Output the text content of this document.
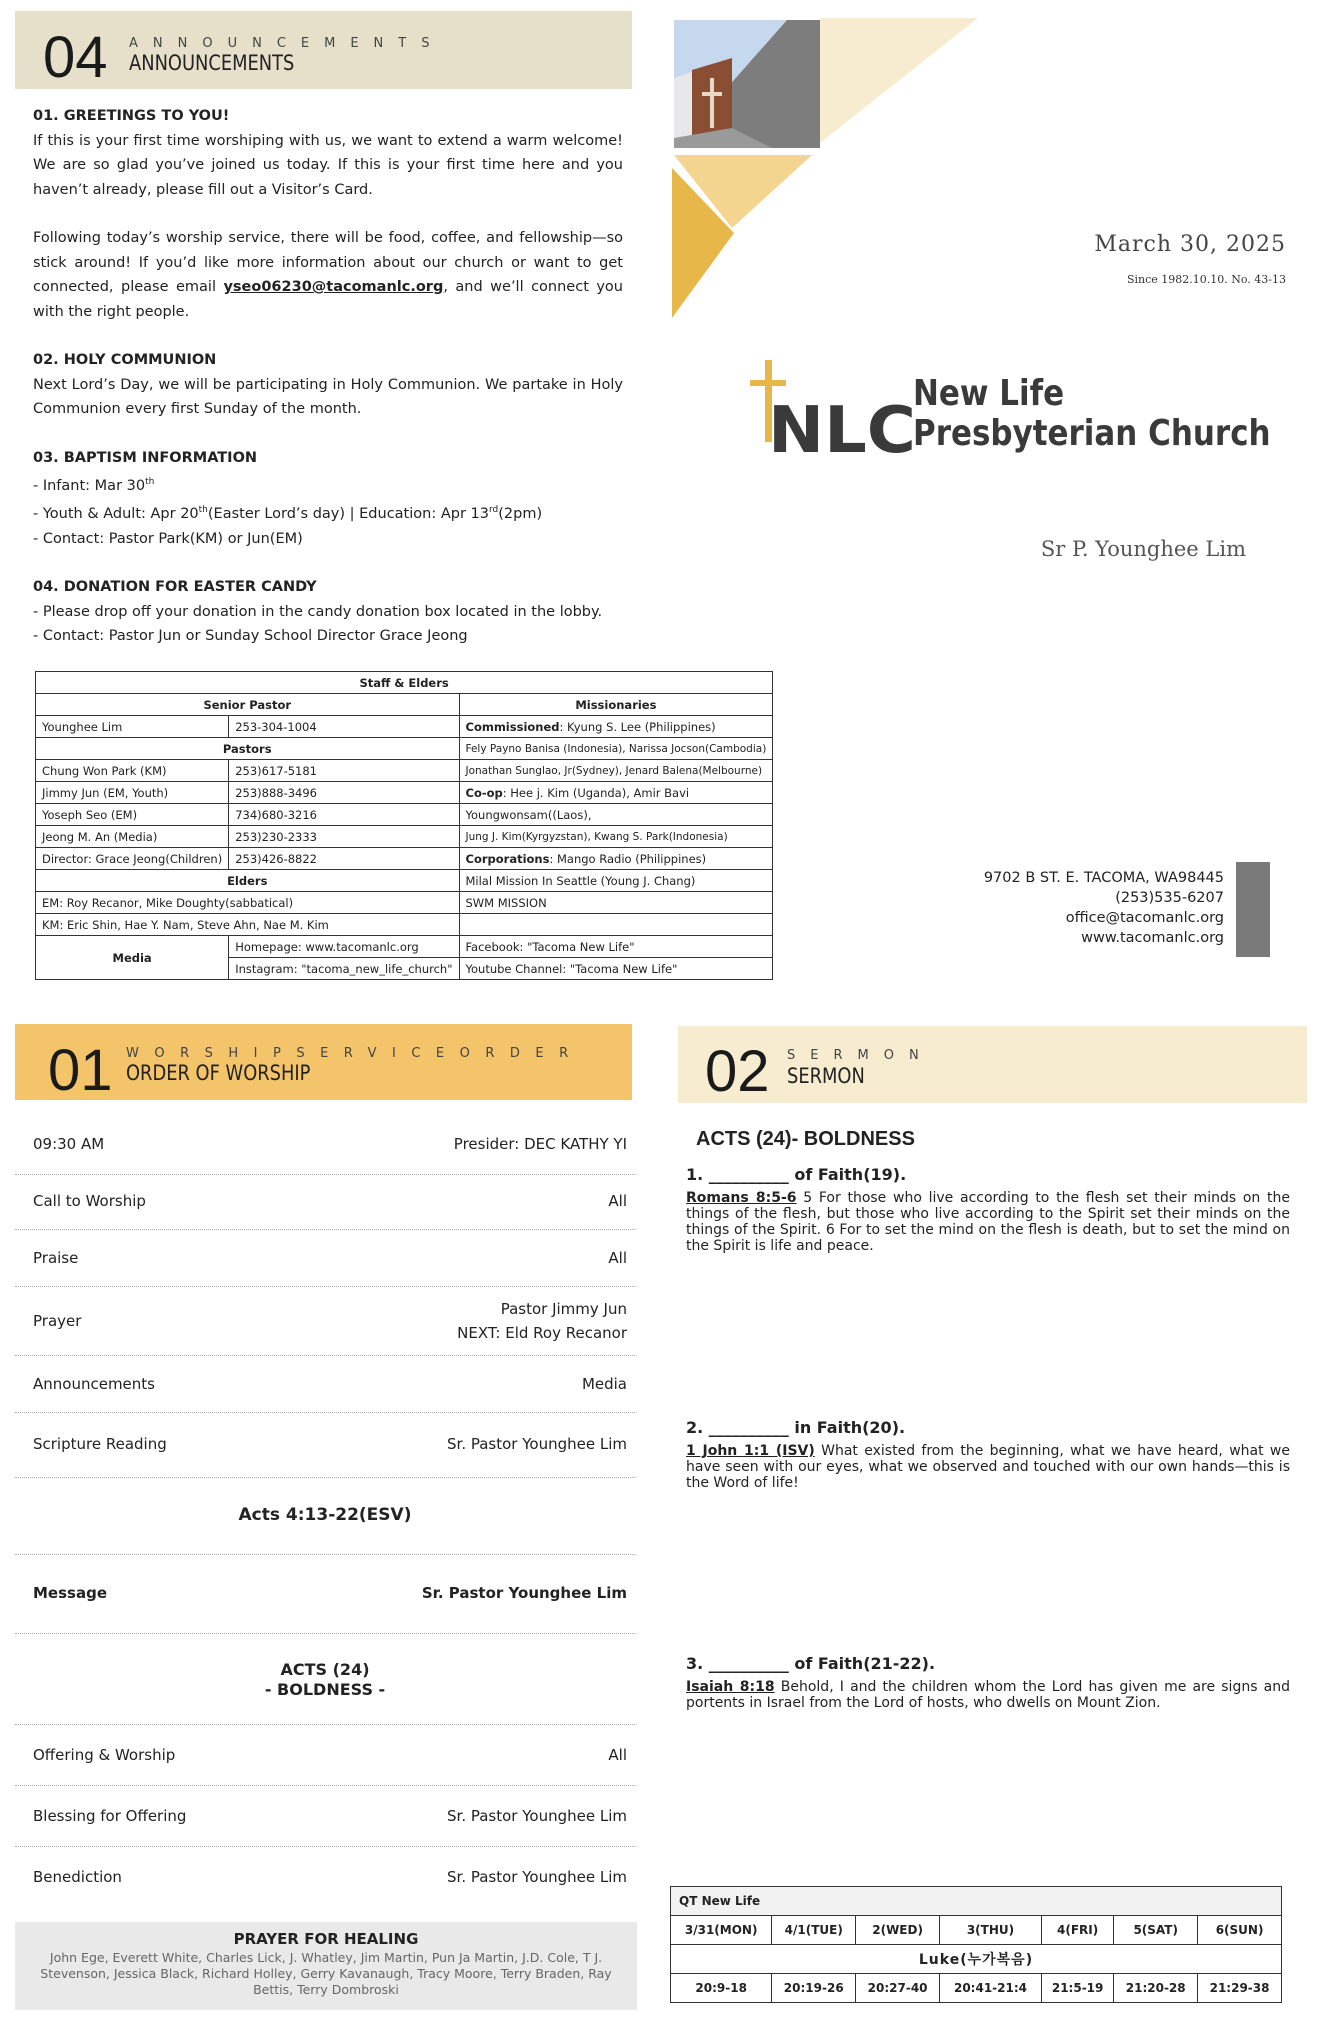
04 ANNOUNCEMENTS
ANNOUNCEMENTS

01. GREETINGS TO YOU!

If this is your first time worshiping with us, we want to extend a warm welcome! We are so glad you’ve joined us today. If this is your first time here and you haven’t already, please fill out a Visitor’s Card.

Following today’s worship service, there will be food, coffee, and fellowship—so stick around! If you’d like more information about our church or want to get connected, please email yseo06230@tacomanlc.org, and we’ll connect you with the right people.

02. HOLY COMMUNION

Next Lord’s Day, we will be participating in Holy Communion. We partake in Holy Communion every first Sunday of the month.

03. BAPTISM INFORMATION

- Infant: Mar 30th

- Youth & Adult: Apr 20th(Easter Lord’s day) | Education: Apr 13rd(2pm)

- Contact: Pastor Park(KM) or Jun(EM)

04. DONATION FOR EASTER CANDY

- Please drop off your donation in the candy donation box located in the lobby.

- Contact: Pastor Jun or Sunday School Director Grace Jeong

Staff & Elders		
Senior Pastor		Missionaries
Younghee Lim	253-304-1004	Commissioned: Kyung S. Lee (Philippines)
Pastors		Fely Payno Banisa (Indonesia), Narissa Jocson(Cambodia)
Chung Won Park (KM)	253)617-5181	Jonathan Sunglao, Jr(Sydney), Jenard Balena(Melbourne)
Jimmy Jun (EM, Youth)	253)888-3496	Co-op: Hee j. Kim (Uganda), Amir Bavi
Yoseph Seo (EM)	734)680-3216	Youngwonsam((Laos),
Jeong M. An (Media)	253)230-2333	Jung J. Kim(Kyrgyzstan), Kwang S. Park(Indonesia)
Director: Grace Jeong(Children)	253)426-8822	Corporations: Mango Radio (Philippines)
Elders		Milal Mission In Seattle (Young J. Chang)
EM: Roy Recanor, Mike Doughty(sabbatical)		SWM MISSION
KM: Eric Shin, Hae Y. Nam, Steve Ahn, Nae M. Kim		
Media	Homepage: www.tacomanlc.org	Facebook: "Tacoma New Life"
	Instagram: "tacoma_new_life_church"	Youtube Channel: "Tacoma New Life"
March 30, 2025
Since 1982.10.10. No. 43-13
NLC
New Life
Presbyterian Church
Sr P. Younghee Lim
9702 B ST. E. TACOMA, WA98445
(253)535-6207
office@tacomanlc.org
www.tacomanlc.org
01 WORSHIPSERVICEORDER
ORDER OF WORSHIP
09:30 AM	Presider: DEC KATHY YI
Call to Worship	All
Praise	All
Prayer
Pastor Jimmy Jun
NEXT: Eld Roy Recanor
Announcements	Media
Scripture Reading	Sr. Pastor Younghee Lim
Acts 4:13-22(ESV)
Message	Sr. Pastor Younghee Lim
ACTS (24)
- BOLDNESS -
Offering & Worship	All
Blessing for Offering	Sr. Pastor Younghee Lim
Benediction	Sr. Pastor Younghee Lim
PRAYER FOR HEALING
John Ege, Everett White, Charles Lick, J. Whatley, Jim Martin, Pun Ja Martin, J.D. Cole, T J. Stevenson, Jessica Black, Richard Holley, Gerry Kavanaugh, Tracy Moore, Terry Braden, Ray Bettis, Terry Dombroski
02 SERMON
SERMON
ACTS (24)- BOLDNESS
1. __________ of Faith(19).
Romans 8:5-6 5 For those who live according to the flesh set their minds on the things of the flesh, but those who live according to the Spirit set their minds on the things of the Spirit. 6 For to set the mind on the flesh is death, but to set the mind on the Spirit is life and peace.
2. __________ in Faith(20).
1 John 1:1 (ISV) What existed from the beginning, what we have heard, what we have seen with our eyes, what we observed and touched with our own hands—this is the Word of life!
3. __________ of Faith(21-22).
Isaiah 8:18 Behold, I and the children whom the Lord has given me are signs and portents in Israel from the Lord of hosts, who dwells on Mount Zion.
QT New Life						
3/31(MON)	4/1(TUE)	2(WED)	3(THU)	4(FRI)	5(SAT)	6(SUN)
Luke(누가복음)						
20:9-18	20:19-26	20:27-40	20:41-21:4	21:5-19	21:20-28	21:29-38
